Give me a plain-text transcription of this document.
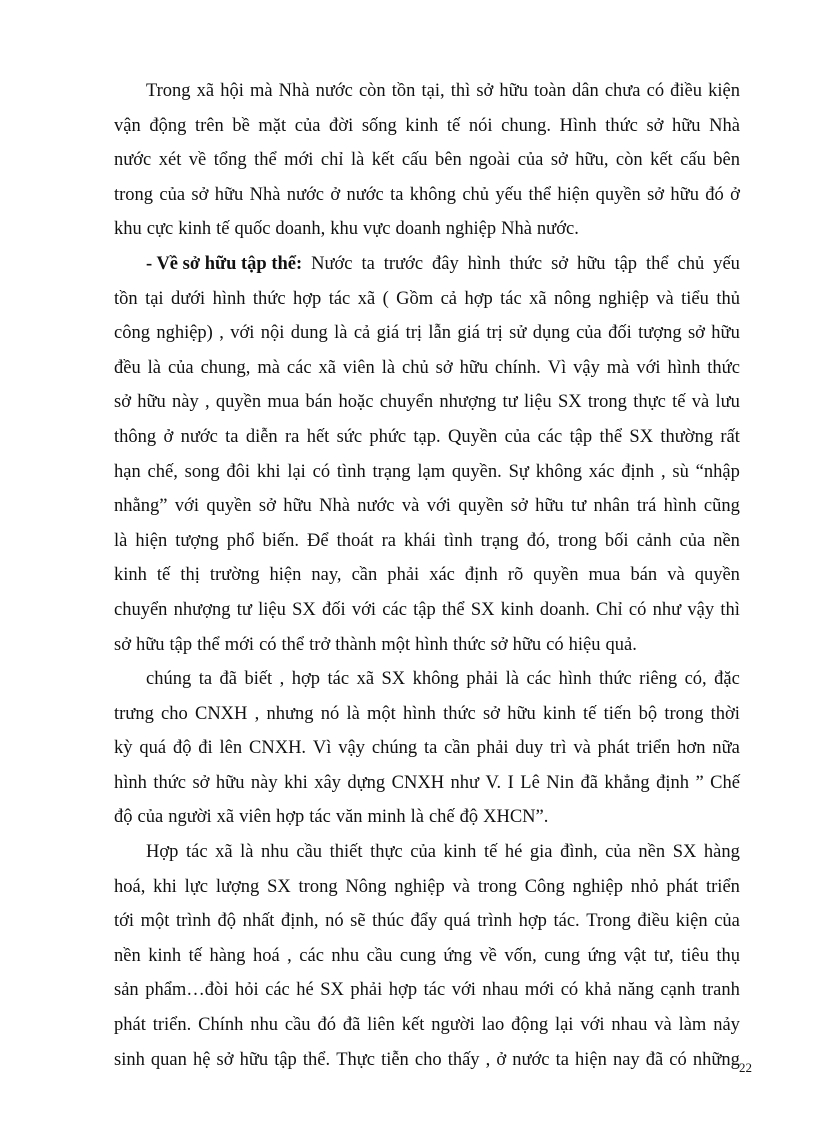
Trong xã hội mà Nhà nước còn tồn tại, thì sở hữu toàn dân chưa có điều kiện
vận động trên bề mặt của đời sống kinh tế nói chung. Hình thức sở hữu Nhà
nước xét về tổng thể mới chỉ là kết cấu bên ngoài của sở hữu, còn kết cấu bên
trong của sở hữu Nhà nước ở nước ta không chủ yếu thể hiện quyền sở hữu đó ở
khu cực kinh tế quốc doanh, khu vực doanh nghiệp Nhà nước.
- Về sở hữu tập thể: Nước ta trước đây hình thức sở hữu tập thể chủ yếu
tồn tại dưới hình thức hợp tác xã ( Gồm cả hợp tác xã nông nghiệp và tiểu thủ
công nghiệp) , với nội dung là cả giá trị lẫn giá trị sử dụng của đối tượng sở hữu
đều là của chung, mà các xã viên là chủ sở hữu chính. Vì vậy mà với hình thức
sở hữu này , quyền mua bán hoặc chuyển nhượng tư liệu SX trong thực tế và lưu
thông ở nước ta diễn ra hết sức phức tạp. Quyền của các tập thể SX thường rất
hạn chế, song đôi khi lại có tình trạng lạm quyền. Sự không xác định , sù “nhập
nhằng” với quyền sở hữu Nhà nước và với quyền sở hữu tư nhân trá hình cũng
là hiện tượng phổ biến. Để thoát ra khái tình trạng đó, trong bối cảnh của nền
kinh tế thị trường hiện nay, cần phải xác định rõ quyền mua bán và quyền
chuyển nhượng tư liệu SX đối với các tập thể SX kinh doanh. Chỉ có như vậy thì
sở hữu tập thể mới có thể trở thành một hình thức sở hữu có hiệu quả.
chúng ta đã biết , hợp tác xã SX không phải là các hình thức riêng có, đặc
trưng cho CNXH , nhưng nó là một hình thức sở hữu kinh tế tiến bộ trong thời
kỳ quá độ đi lên CNXH. Vì vậy chúng ta cần phải duy trì và phát triển hơn nữa
hình thức sở hữu này khi xây dựng CNXH như V. I Lê Nin đã khẳng định ” Chế
độ của người xã viên hợp tác văn minh là chế độ XHCN”.
Hợp tác xã là nhu cầu thiết thực của kinh tế hé gia đình, của nền SX hàng
hoá, khi lực lượng SX trong Nông nghiệp và trong Công nghiệp nhỏ phát triển
tới một trình độ nhất định, nó sẽ thúc đẩy quá trình hợp tác. Trong điều kiện của
nền kinh tế hàng hoá , các nhu cầu cung ứng về vốn, cung ứng vật tư, tiêu thụ
sản phẩm…đòi hỏi các hé SX phải hợp tác với nhau mới có khả năng cạnh tranh
phát triển. Chính nhu cầu đó đã liên kết người lao động lại với nhau và làm nảy
sinh quan hệ sở hữu tập thể. Thực tiễn cho thấy , ở nước ta hiện nay đã có những 22
